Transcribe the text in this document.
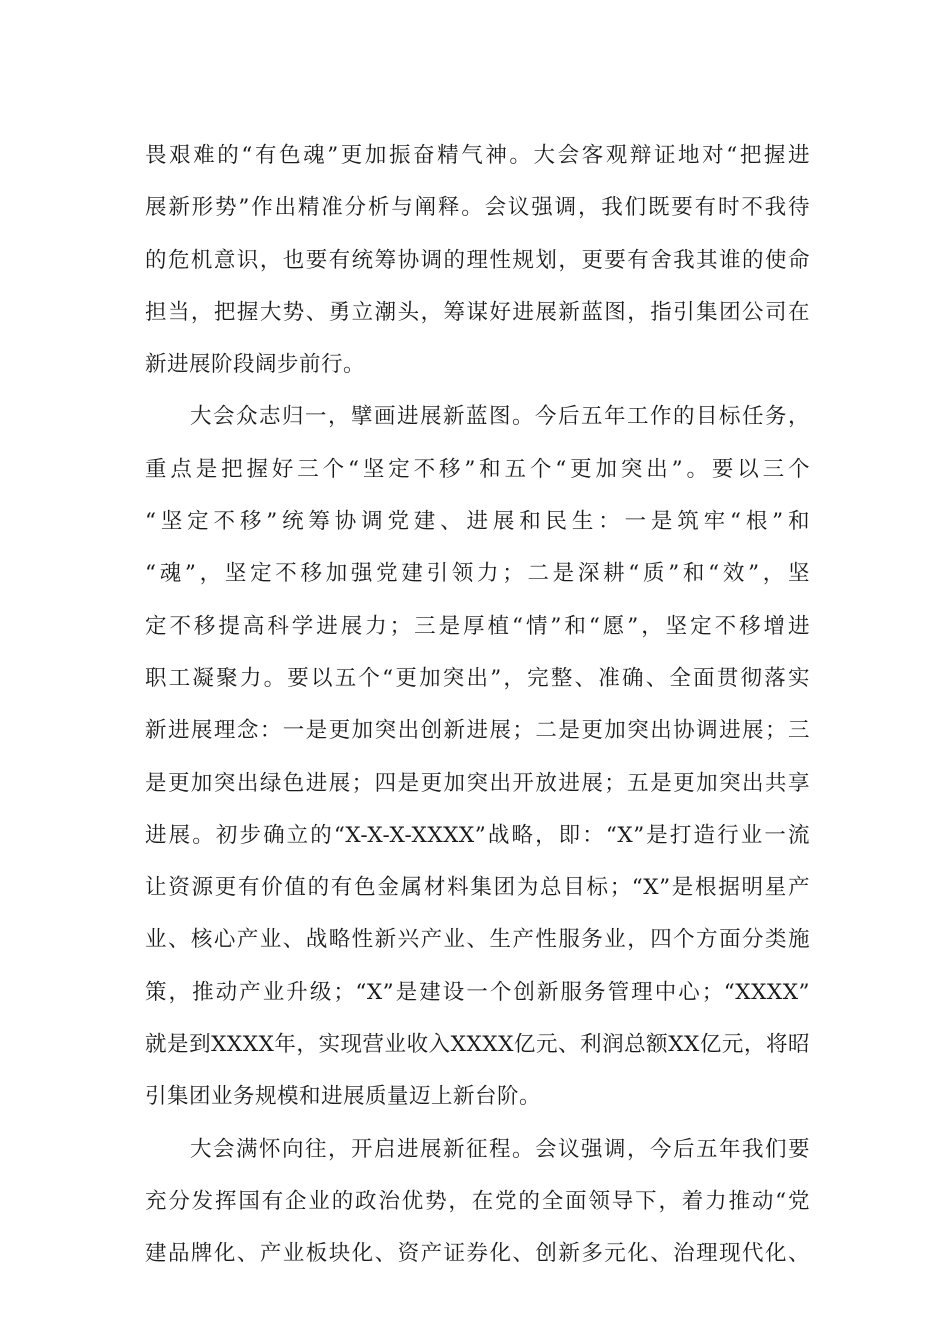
畏艰难的“有色魂”更加振奋精气神。大会客观辩证地对“把握进
展新形势”作出精准分析与阐释。会议强调，我们既要有时不我待
的危机意识，也要有统筹协调的理性规划，更要有舍我其谁的使命
担当，把握大势、勇立潮头，筹谋好进展新蓝图，指引集团公司在
新进展阶段阔步前行。
大会众志归一，擘画进展新蓝图。今后五年工作的目标任务，
重点是把握好三个“坚定不移”和五个“更加突出”。要以三个
“坚定不移”统筹协调党建、进展和民生：一是筑牢“根”和
“魂”，坚定不移加强党建引领力；二是深耕“质”和“效”，坚
定不移提高科学进展力；三是厚植“情”和“愿”，坚定不移增进
职工凝聚力。要以五个“更加突出”，完整、准确、全面贯彻落实
新进展理念：一是更加突出创新进展；二是更加突出协调进展；三
是更加突出绿色进展；四是更加突出开放进展；五是更加突出共享
进展。初步确立的“X-X-X-XXXX”战略，即：“X”是打造行业一流
让资源更有价值的有色金属材料集团为总目标；“X”是根据明星产
业、核心产业、战略性新兴产业、生产性服务业，四个方面分类施
策，推动产业升级；“X”是建设一个创新服务管理中心；“XXXX”
就是到XXXX年，实现营业收入XXXX亿元、利润总额XX亿元，将昭
引集团业务规模和进展质量迈上新台阶。
大会满怀向往，开启进展新征程。会议强调，今后五年我们要
充分发挥国有企业的政治优势，在党的全面领导下，着力推动“党
建品牌化、产业板块化、资产证券化、创新多元化、治理现代化、
